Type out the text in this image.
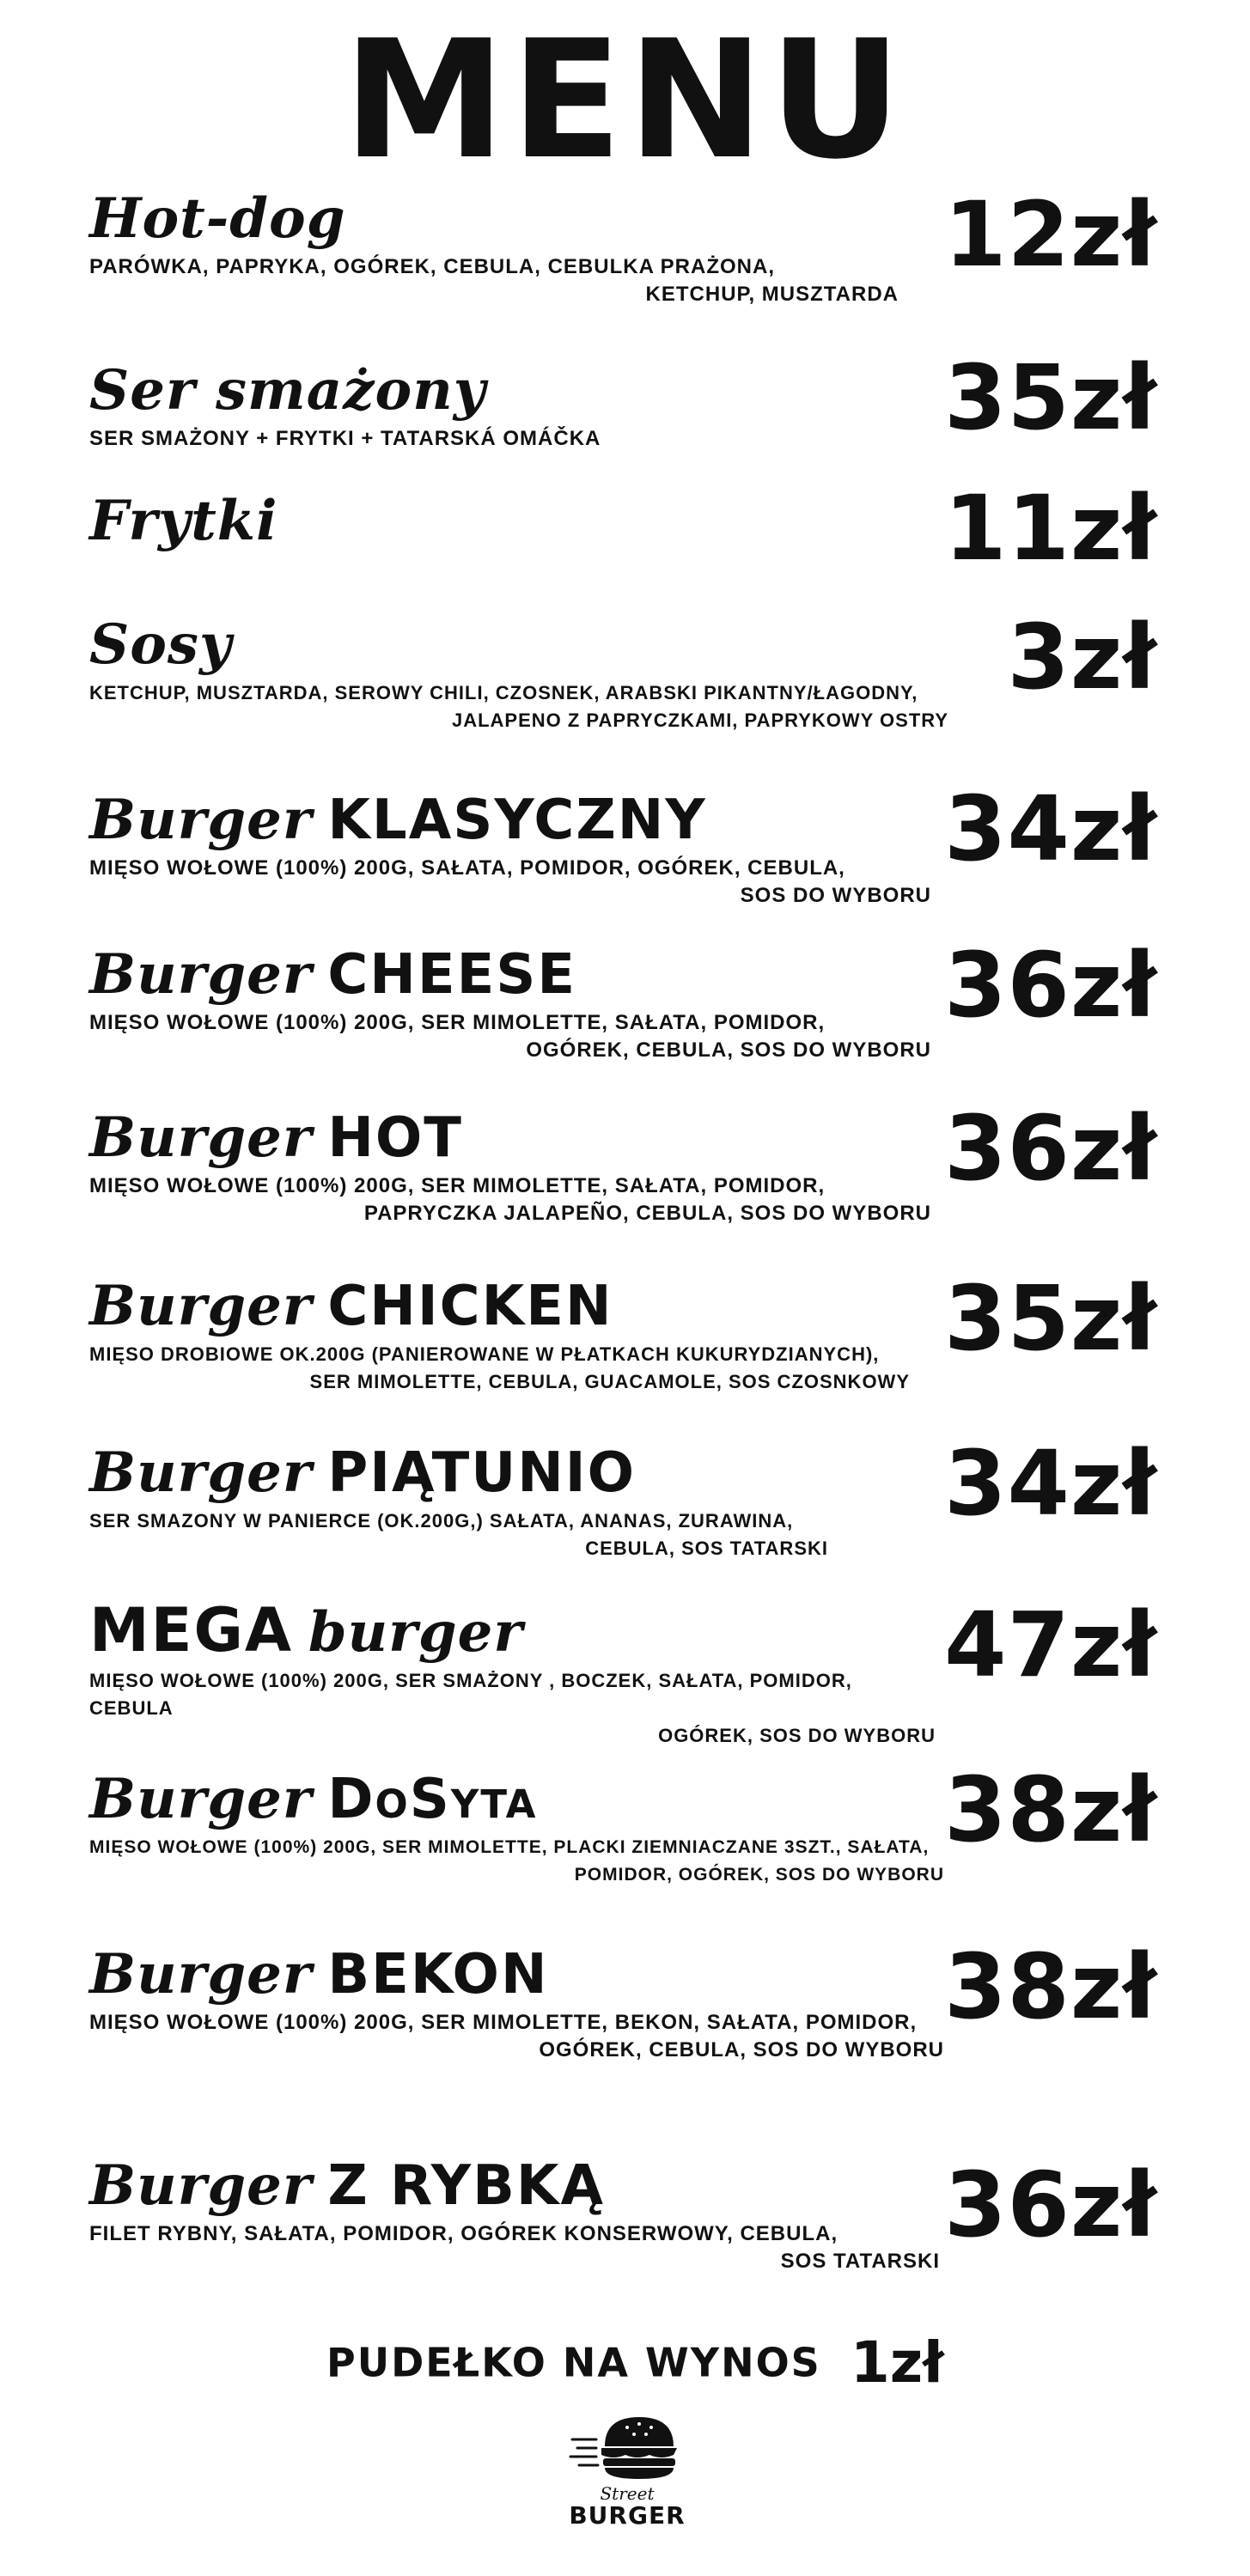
MENU
Hot-dog
PARÓWKA, PAPRYKA, OGÓREK, CEBULA, CEBULKA PRAŻONA,
KETCHUP, MUSZTARDA
12zł
Ser smażony
SER SMAŻONY + FRYTKI + TATARSKÁ OMÁČKA	35zł
Frytki	11zł
Sosy
KETCHUP, MUSZTARDA, SEROWY CHILI, CZOSNEK, ARABSKI PIKANTNY/ŁAGODNY,
JALAPENO Z PAPRYCZKAMI, PAPRYKOWY OSTRY
3zł
Burger KLASYCZNY
MIĘSO WOŁOWE (100%) 200G, SAŁATA, POMIDOR, OGÓREK, CEBULA,
SOS DO WYBORU
34zł
Burger CHEESE
MIĘSO WOŁOWE (100%) 200G, SER MIMOLETTE, SAŁATA, POMIDOR,
OGÓREK, CEBULA, SOS DO WYBORU
36zł
Burger HOT
MIĘSO WOŁOWE (100%) 200G, SER MIMOLETTE, SAŁATA, POMIDOR,
PAPRYCZKA JALAPEÑO, CEBULA, SOS DO WYBORU
36zł
Burger CHICKEN
MIĘSO DROBIOWE OK.200G (PANIEROWANE W PŁATKACH KUKURYDZIANYCH),
SER MIMOLETTE, CEBULA, GUACAMOLE, SOS CZOSNKOWY
35zł
Burger PIĄTUNIO
SER SMAZONY W PANIERCE (OK.200G,) SAŁATA, ANANAS, ZURAWINA,
CEBULA, SOS TATARSKI
34zł
MEGA burger
MIĘSO WOŁOWE (100%) 200G, SER SMAŻONY , BOCZEK, SAŁATA, POMIDOR, CEBULA
OGÓREK, SOS DO WYBORU
47zł
Burger DoSyta
MIĘSO WOŁOWE (100%) 200G, SER MIMOLETTE, PLACKI ZIEMNIACZANE 3SZT., SAŁATA,
POMIDOR, OGÓREK, SOS DO WYBORU
38zł
Burger BEKON
MIĘSO WOŁOWE (100%) 200G, SER MIMOLETTE, BEKON, SAŁATA, POMIDOR,
OGÓREK, CEBULA, SOS DO WYBORU
38zł
Burger Z RYBKĄ
FILET RYBNY, SAŁATA, POMIDOR, OGÓREK KONSERWOWY, CEBULA,
SOS TATARSKI
36zł
PUDEŁKO NA WYNOS 1zł
Street
BURGER
